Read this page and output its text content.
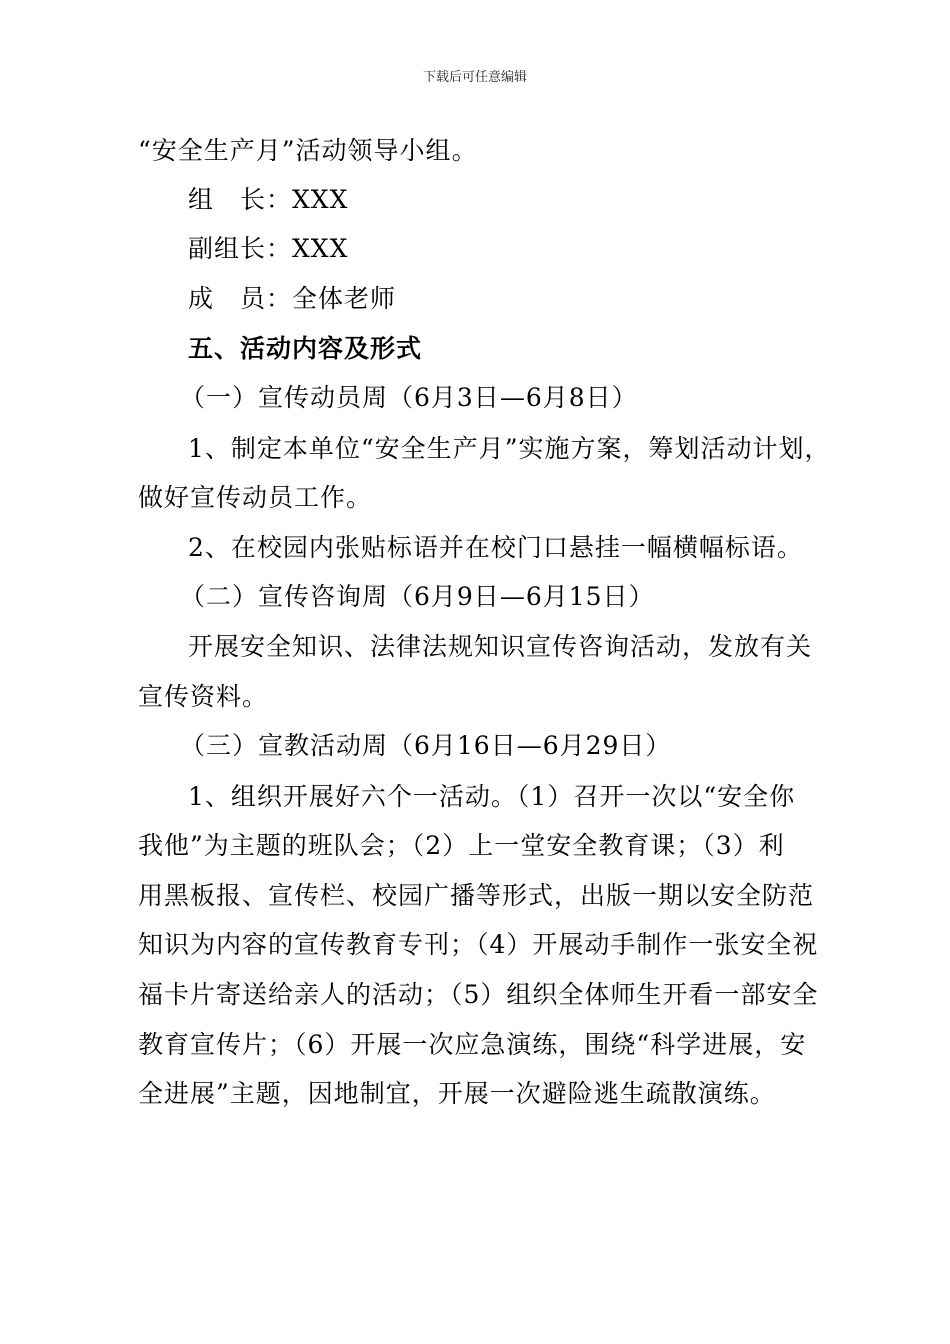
下载后可任意编辑
“安全生产月”活动领导小组。
组　长：XXX
副组长：XXX
成　员：全体老师
五、活动内容及形式
（一）宣传动员周（6月3日—6月8日）
1、制定本单位“安全生产月”实施方案，筹划活动计划，
做好宣传动员工作。
2、在校园内张贴标语并在校门口悬挂一幅横幅标语。
（二）宣传咨询周（6月9日—6月15日）
开展安全知识、法律法规知识宣传咨询活动，发放有关
宣传资料。
（三）宣教活动周（6月16日—6月29日）
1、组织开展好六个一活动。（1）召开一次以“安全你
我他”为主题的班队会；（2）上一堂安全教育课；（3）利
用黑板报、宣传栏、校园广播等形式，出版一期以安全防范
知识为内容的宣传教育专刊；（4）开展动手制作一张安全祝
福卡片寄送给亲人的活动；（5）组织全体师生开看一部安全
教育宣传片；（6）开展一次应急演练，围绕“科学进展，安
全进展”主题，因地制宜，开展一次避险逃生疏散演练。
